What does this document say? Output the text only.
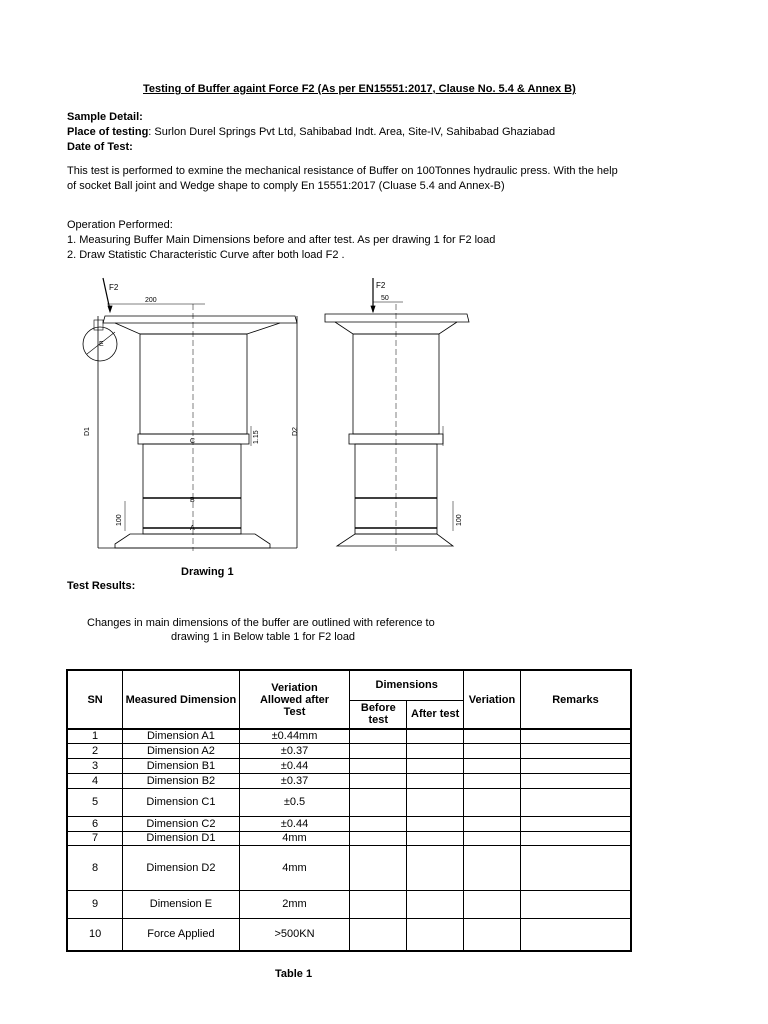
Testing of Buffer againt Force F2 (As per EN15551:2017, Clause No. 5.4 & Annex B)
Sample Detail:
Place of testing: Surlon Durel Springs Pvt Ltd, Sahibabad Indt. Area, Site-IV, Sahibabad Ghaziabad
Date of Test:
This test is performed to exmine the mechanical resistance of Buffer on 100Tonnes hydraulic press. With the help
of socket Ball joint and Wedge shape to comply En 15551:2017 (Cluase 5.4 and Annex-B)
Operation Performed:
1. Measuring Buffer Main Dimensions before and after test. As per drawing 1 for F2 load
2. Draw Statistic Characteristic Curve after both load F2 .
F2
200
D1	1.15
100
E
C
B
A
F2
50
D2
100
Drawing 1
Test Results:
Changes in main dimensions of the buffer are outlined with reference to
drawing 1 in Below table 1 for F2 load
SN	Measured Dimension	Veriation Allowed after Test	Dimensions		Veriation	Remarks
			Before test	After test		
1	Dimension A1	±0.44mm				
2	Dimension A2	±0.37				
3	Dimension B1	±0.44				
4	Dimension B2	±0.37				
5	Dimension C1	±0.5				
6	Dimension C2	±0.44				
7	Dimension D1	4mm				
8	Dimension D2	4mm				
9	Dimension E	2mm				
10	Force Applied	>500KN				
Table 1
